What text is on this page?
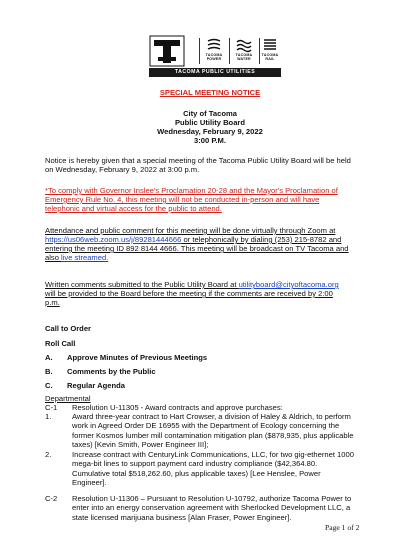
TACOMA POWER
TACOMA WATER
TACOMA RAIL
TACOMA PUBLIC UTILITIES
SPECIAL MEETING NOTICE
City of Tacoma
Public Utility Board
Wednesday, February 9, 2022
3:00 P.M.
Notice is hereby given that a special meeting of the Tacoma Public Utility Board will be held
on Wednesday, February 9, 2022 at 3:00 p.m.
*To comply with Governor Inslee's Proclamation 20-28 and the Mayor's Proclamation of
Emergency Rule No. 4, this meeting will not be conducted in-person and will have
telephonic and virtual access for the public to attend.
Attendance and public comment for this meeting will be done virtually through Zoom at
https://us06web.zoom.us/j/89281444666 or telephonically by dialing (253) 215-8782 and
entering the meeting ID 892 8144 4666. This meeting will be broadcast on TV Tacoma and
also live streamed.
Written comments submitted to the Public Utility Board at utilityboard@cityoftacoma.org
will be provided to the Board before the meeting if the comments are received by 2:00
p.m.
Call to Order
Roll Call
A. Approve Minutes of Previous Meetings
B. Comments by the Public
C. Regular Agenda
Departmental
C-1 Resolution U-11305 - Award contracts and approve purchases:
1.	Award three-year contract to Hart Crowser, a division of Haley & Aldrich, to perform
work in Agreed Order DE 16955 with the Department of Ecology concerning the
former Kosmos lumber mill contamination mitigation plan ($878,935, plus applicable
taxes) [Kevin Smith, Power Engineer III];
2.	Increase contract with CenturyLink Communications, LLC, for two gig-ethernet 1000
mega-bit lines to support payment card industry compliance ($42,364.80.
Cumulative total $518,262.60, plus applicable taxes) [Lee Henslee, Power
Engineer].
C-2 Resolution U-11306 – Pursuant to Resolution U-10792, authorize Tacoma Power to
enter into an energy conservation agreement with Sherlocked Development LLC, a
state licensed marijuana business [Alan Fraser, Power Engineer].
Page 1 of 2
